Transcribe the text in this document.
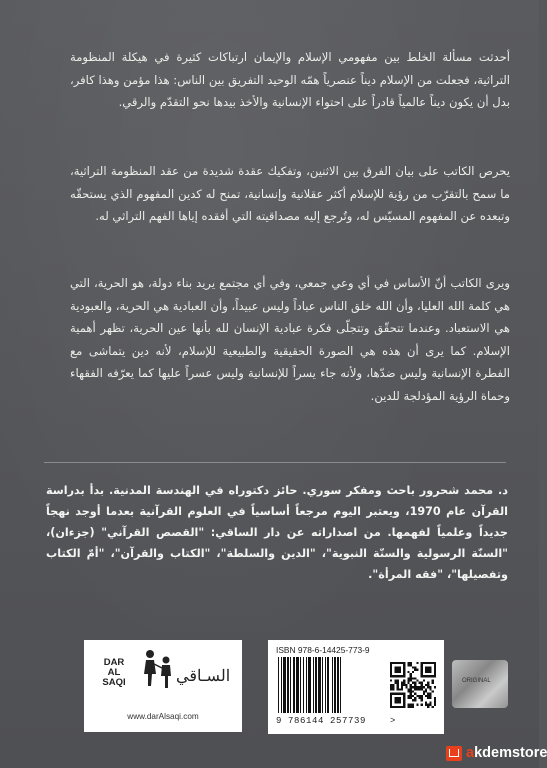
أحدثت مسألة الخلط بين مفهومي الإسلام والإيمان ارتباكات كثيرة في هيكلة المنظومة التراثية، فجعلت من الإسلام ديناً عنصرياً همّه الوحيد التفريق بين الناس: هذا مؤمن وهذا كافر، بدل أن يكون ديناً عالمياً قادراً على احتواء الإنسانية والأخذ بيدها نحو التقدّم والرقي.

يحرص الكاتب على بيان الفرق بين الاثنين، وتفكيك عقدة شديدة من عقد المنظومة التراثية، ما سمح بالتقرّب من رؤية للإسلام أكثر عقلانية وإنسانية، تمنح له كدين المفهوم الذي يستحقّه وتبعده عن المفهوم المسيّس له، وتُرجع إليه مصداقيته التي أفقده إياها الفهم التراثي له.

ويرى الكاتب أنّ الأساس في أي وعي جمعي، وفي أي مجتمع يريد بناء دولة، هو الحرية، التي هي كلمة الله العليا، وأن الله خلق الناس عباداً وليس عبيداً، وأن العبادية هي الحرية، والعبودية هي الاستعباد. وعندما تتحقّق وتتجلّى فكرة عبادية الإنسان لله بأنها عين الحرية، تظهر أهمية الإسلام. كما يرى أن هذه هي الصورة الحقيقية والطبيعية للإسلام، لأنه دين يتماشى مع الفطرة الإنسانية وليس ضدّها، ولأنه جاء يسراً للإنسانية وليس عسراً عليها كما يعرّفه الفقهاء وحماة الرؤية المؤدلجة للدين.

د. محمد شحرور باحث ومفكر سوري. حائز دكتوراه في الهندسة المدنية. بدأ بدراسة القرآن عام 1970، ويعتبر اليوم مرجعاً أساسياً في العلوم القرآنية بعدما أوجد نهجاً جديداً وعلمياً لفهمها. من اصداراته عن دار الساقي: "القصص القرآني" (جزءان)، "السنّة الرسولية والسنّة النبوية"، "الدين والسلطة"، "الكتاب والقرآن"، "أمّ الكتاب وتفصيلها"، "فقه المرأة".

DAR AL SAQI	السـاقي
www.darAlsaqi.com
ISBN 978-6-14425-773-9
9 786144 257739	>
ORIGINAL
akdemstore
